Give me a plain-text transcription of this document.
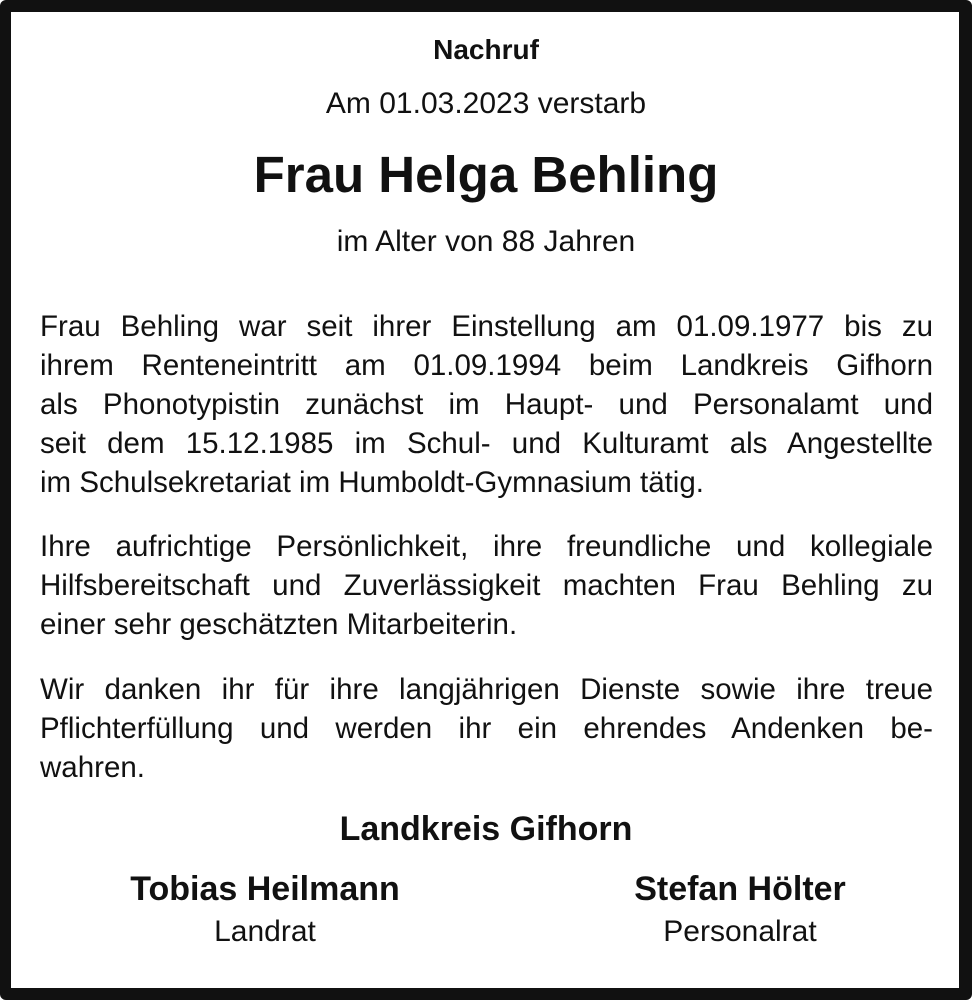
Nachruf
Am 01.03.2023 verstarb
Frau Helga Behling
im Alter von 88 Jahren
Frau Behling war seit ihrer Einstellung am 01.09.1977 bis zu
ihrem Renteneintritt am 01.09.1994 beim Landkreis Gifhorn
als Phonotypistin zunächst im Haupt- und Personalamt und
seit dem 15.12.1985 im Schul- und Kulturamt als Angestellte
im Schulsekretariat im Humboldt-Gymnasium tätig.
Ihre aufrichtige Persönlichkeit, ihre freundliche und kollegiale
Hilfsbereitschaft und Zuverlässigkeit machten Frau Behling zu
einer sehr geschätzten Mitarbeiterin.
Wir danken ihr für ihre langjährigen Dienste sowie ihre treue
Pflichterfüllung und werden ihr ein ehrendes Andenken be-
wahren.
Landkreis Gifhorn
Tobias Heilmann
Landrat
Stefan Hölter
Personalrat
